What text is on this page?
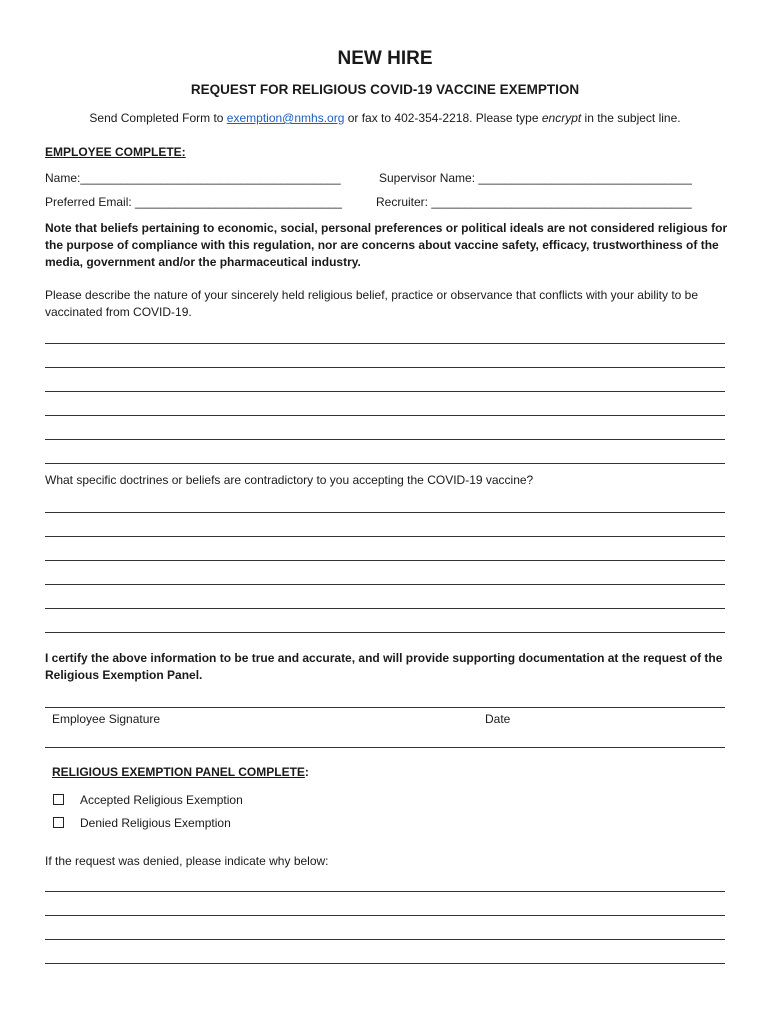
NEW HIRE
REQUEST FOR RELIGIOUS COVID-19 VACCINE EXEMPTION
Send Completed Form to exemption@nmhs.org or fax to 402-354-2218. Please type encrypt in the subject line.
EMPLOYEE COMPLETE:
Name:_______________________________________	Supervisor Name: ________________________________
Preferred Email: _______________________________	Recruiter: _______________________________________
Note that beliefs pertaining to economic, social, personal preferences or political ideals are not considered religious for the purpose of compliance with this regulation, nor are concerns about vaccine safety, efficacy, trustworthiness of the media, government and/or the pharmaceutical industry.
Please describe the nature of your sincerely held religious belief, practice or observance that conflicts with your ability to be vaccinated from COVID-19.
What specific doctrines or beliefs are contradictory to you accepting the COVID-19 vaccine?
I certify the above information to be true and accurate, and will provide supporting documentation at the request of the Religious Exemption Panel.
Employee Signature	Date
RELIGIOUS EXEMPTION PANEL COMPLETE:
Accepted Religious Exemption
Denied Religious Exemption
If the request was denied, please indicate why below:
